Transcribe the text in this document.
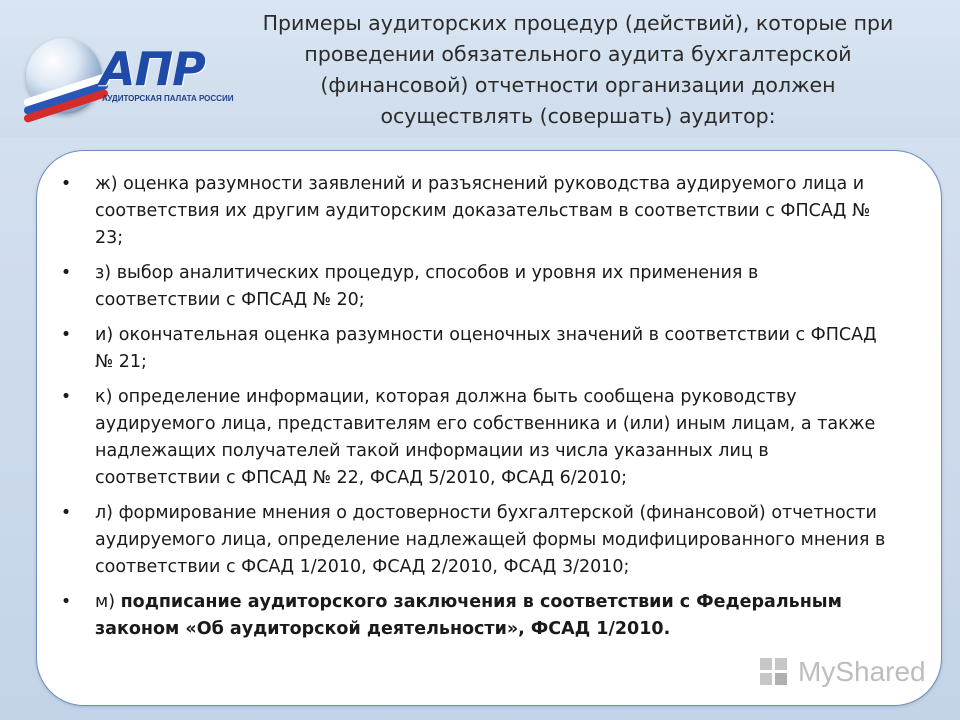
АПР
АУДИТОРСКАЯ ПАЛАТА РОССИИ
Примеры аудиторских процедур (действий), которые при
проведении обязательного аудита бухгалтерской
(финансовой) отчетности организации должен
осуществлять (совершать) аудитор:
• ж) оценка разумности заявлений и разъяснений руководства аудируемого лица и соответствия их другим аудиторским доказательствам в соответствии с ФПСАД № 23;
• з) выбор аналитических процедур, способов и уровня их применения в соответствии с ФПСАД № 20;
• и) окончательная оценка разумности оценочных значений в соответствии с ФПСАД № 21;
• к) определение информации, которая должна быть сообщена руководству аудируемого лица, представителям его собственника и (или) иным лицам, а также надлежащих получателей такой информации из числа указанных лиц в соответствии с ФПСАД № 22, ФСАД 5/2010, ФСАД 6/2010;
• л) формирование мнения о достоверности бухгалтерской (финансовой) отчетности аудируемого лица, определение надлежащей формы модифицированного мнения в соответствии с ФСАД 1/2010, ФСАД 2/2010, ФСАД 3/2010;
• м) подписание аудиторского заключения в соответствии с Федеральным законом «Об аудиторской деятельности», ФСАД 1/2010.
MyShared
